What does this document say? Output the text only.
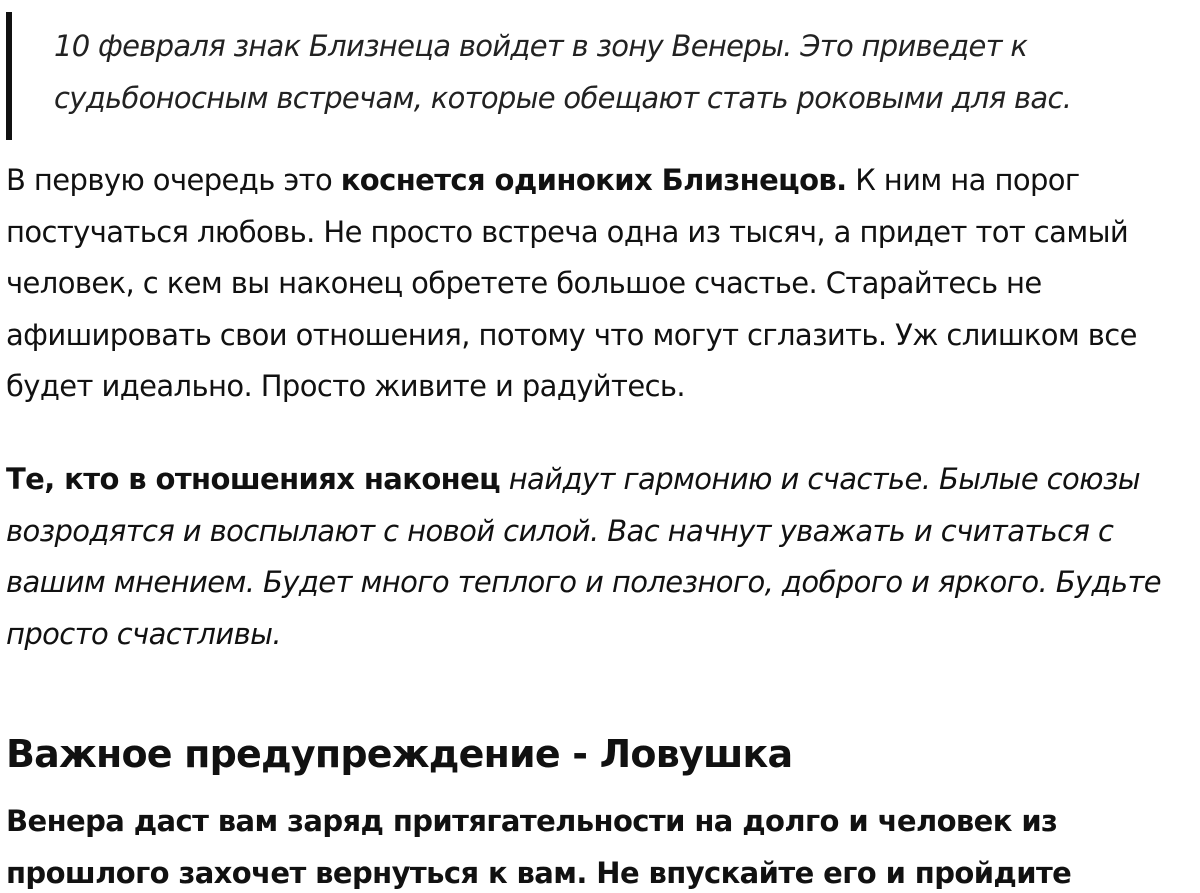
10 февраля знак Близнеца войдет в зону Венеры. Это приведет к судьбоносным встречам, которые обещают стать роковыми для вас.

В первую очередь это коснется одиноких Близнецов. К ним на порог постучаться любовь. Не просто встреча одна из тысяч, а придет тот самый человек, с кем вы наконец обретете большое счастье. Старайтесь не афишировать свои отношения, потому что могут сглазить. Уж слишком все будет идеально. Просто живите и радуйтесь.

Те, кто в отношениях наконец найдут гармонию и счастье. Былые союзы возродятся и воспылают с новой силой. Вас начнут уважать и считаться с вашим мнением. Будет много теплого и полезного, доброго и яркого. Будьте просто счастливы.

Важное предупреждение - Ловушка

Венера даст вам заряд притягательности на долго и человек из прошлого захочет вернуться к вам. Не впускайте его и пройдите
